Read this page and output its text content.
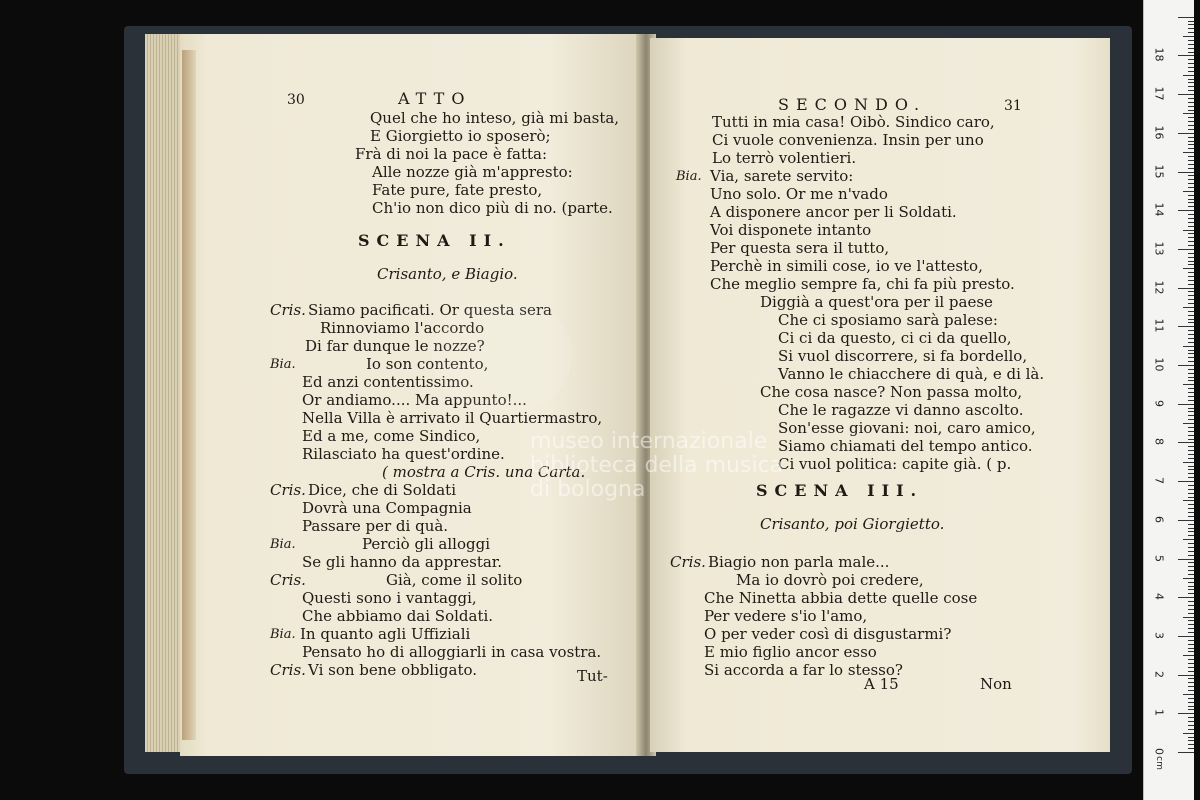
30	ATTO
Quel che ho inteso, già mi basta,
E Giorgietto io sposerò;
Frà di noi la pace è fatta:
Alle nozze già m'appresto:
Fate pure, fate presto,
Ch'io non dico più di no. (parte.
SCENA II.
Crisanto, e Biagio.
Cris. Siamo pacificati. Or questa sera
Rinnoviamo l'accordo
Di far dunque le nozze?
Bia.	Io son contento,
Ed anzi contentissimo.
Or andiamo.... Ma appunto!...
Nella Villa è arrivato il Quartiermastro,
Ed a me, come Sindico,
Rilasciato ha quest'ordine.
( mostra a Cris. una Carta.
Cris. Dice, che di Soldati
Dovrà una Compagnia
Passare per di quà.
Bia.	Perciò gli alloggi
Se gli hanno da apprestar.
Cris.	Già, come il solito
Questi sono i vantaggi,
Che abbiamo dai Soldati.
Bia. In quanto agli Uffiziali
Pensato ho di alloggiarli in casa vostra.
Cris. Vi son bene obbligato.	Tut-
SECONDO.	31
Tutti in mia casa! Oibò. Sindico caro,
Ci vuole convenienza. Insin per uno
Lo terrò volentieri.
Bia. Via, sarete servito:
Uno solo. Or me n'vado
A disponere ancor per li Soldati.
Voi disponete intanto
Per questa sera il tutto,
Perchè in simili cose, io ve l'attesto,
Che meglio sempre fa, chi fa più presto.
Diggià a quest'ora per il paese
Che ci sposiamo sarà palese:
Ci ci da questo, ci ci da quello,
Si vuol discorrere, si fa bordello,
Vanno le chiacchere di quà, e di là.
Che cosa nasce? Non passa molto,
Che le ragazze vi danno ascolto.
Son'esse giovani: noi, caro amico,
Siamo chiamati del tempo antico.
Ci vuol politica: capite già. ( p.
SCENA III.
Crisanto, poi Giorgietto.
Cris. Biagio non parla male...
Ma io dovrò poi credere,
Che Ninetta abbia dette quelle cose
Per vedere s'io l'amo,
O per veder così di disgustarmi?
E mio figlio ancor esso
Si accorda a far lo stesso?
A 15	Non
museo internazionale
biblioteca della musica
di bologna
0
1
2
3
4
5
6
7
8
9
10
11
12
13
14
15
16
17
18
cm
